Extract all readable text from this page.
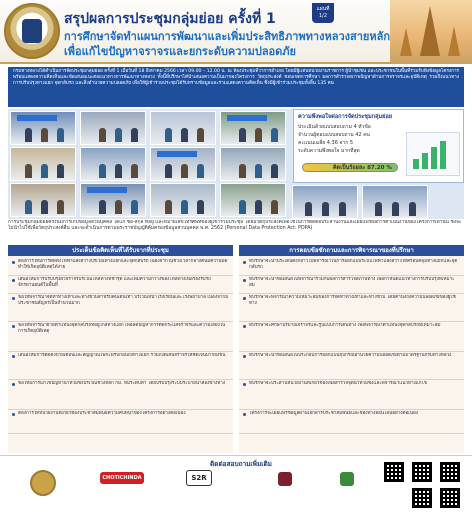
สรุปผลการประชุมกลุ่มย่อย ครั้งที่ 1
การศึกษาจัดทำแผนการพัฒนาและเพิ่มประสิทธิภาพทางหลวงสายหลัก
เพื่อแก้ไขปัญหาจราจรและยกระดับความปลอดภัย
แผ่นที่ 1/2
กรมทางหลวงได้ดำเนินการจัดประชุมกลุ่มย่อย ครั้งที่ 1 เมื่อวันที่ 18 สิงหาคม 2566 เวลา 09.00 – 12.00 น. ณ ห้องประชุมที่ว่าการอำเภอ โดยมีผู้แทนหน่วยงานราชการ ผู้นำชุมชน และประชาชนในพื้นที่ร่วมรับฟังข้อมูลโครงการ พร้อมแสดงความคิดเห็นและข้อเสนอแนะต่อแนวทางการพัฒนาทางหลวง ทั้งนี้ที่ปรึกษาได้นำเสนอความเป็นมาของโครงการ วัตถุประสงค์ ขอบเขตการศึกษา ผลการสำรวจสภาพปัญหาด้านการจราจรและอุบัติเหตุ รวมถึงแนวทางการปรับปรุงทางแยก จุดกลับรถ และสิ่งอำนวยความปลอดภัย เพื่อให้ผู้เข้าร่วมประชุมได้รับทราบข้อมูลและร่วมแสดงความคิดเห็น ซึ่งมีผู้เข้าร่วมประชุมทั้งสิ้น 135 คน
ความพึงพอใจต่อการจัดประชุมกลุ่มย่อย
ประเมินด้วยแบบสอบถาม 4 หัวข้อ
จำนวนผู้ตอบแบบสอบถาม 42 คน
คะแนนเฉลี่ย 4.36 จาก 5
ระดับความพึงพอใจ มากที่สุด
คิดเป็นร้อยละ 87.20 %
การประชุมกลุ่มย่อยครั้งนี้มีการเก็บข้อมูลส่วนบุคคล ได้แก่ ชื่อ-สกุล ที่อยู่ และหมายเลขโทรศัพท์ของผู้เข้าร่วมประชุม โดยมีวัตถุประสงค์เพื่อใช้ในการติดต่อประสานงานและเผยแพร่ผลการดำเนินงานของโครงการเท่านั้น ซึ่งจะไม่นำไปใช้เพื่อวัตถุประสงค์อื่น และจะดำเนินการตามพระราชบัญญัติคุ้มครองข้อมูลส่วนบุคคล พ.ศ. 2562 (Personal Data Protection Act: PDPA)
ประเด็นข้อคิดเห็นที่ได้รับจากที่ประชุม
ต้องการให้มีการติดตั้งไฟฟ้าแสงสว่างบริเวณทางแยกและจุดกลับรถ เนื่องจากในช่วงเวลากลางคืนมีความมืด ทำให้เกิดอุบัติเหตุได้ง่าย
เสนอให้มีการปรับปรุงผิวจราจรบริเวณไหล่ทางที่ชำรุด และเพิ่มความกว้างของไหล่ทางเพื่อรองรับรถจักรยานยนต์ในพื้นที่
ขอให้พิจารณาจัดทำทางเท้าและทางข้ามสำหรับคนเดินเท้า บริเวณหน้าโรงเรียนและโรงพยาบาล เนื่องจากมีประชาชนสัญจรเป็นจำนวนมาก
ขอให้พิจารณาย้ายตำแหน่งจุดกลับรถที่อยู่ใกล้ทางแยก เพื่อลดปัญหาการตัดกระแสจราจรและความเสี่ยงในการเกิดอุบัติเหตุ
เสนอให้มีการติดตั้งป้ายเตือนและสัญญาณไฟกะพริบก่อนถึงทางแยก รวมถึงตีเส้นจราจรให้ชัดเจนมากยิ่งขึ้น
ขอให้มีการแก้ไขปัญหาน้ำท่วมขังบริเวณช่วงหลัก กม. ที่มีระดับต่ำ โดยปรับปรุงระบบระบายน้ำสองข้างทาง
ต้องการให้หน่วยงานที่เกี่ยวข้องประชาสัมพันธ์ความคืบหน้าของโครงการอย่างต่อเนื่อง
การตอบข้อซักถามและการพิจารณาของที่ปรึกษา
ที่ปรึกษาจะนำประเด็นดังกล่าวไปพิจารณาในการออกแบบระบบไฟฟ้าแสงสว่างให้ครอบคลุมทางแยกและจุดกลับรถ
ที่ปรึกษาจะนำข้อเสนอไปพิจารณาร่วมกับผลการสำรวจสภาพทาง เพื่อกำหนดแนวทางการปรับปรุงที่เหมาะสม
ที่ปรึกษาจะพิจารณาความเหมาะสมของการจัดทำทางเท้าและทางข้าม โดยคำนึงถึงความปลอดภัยของผู้ใช้ทาง
ที่ปรึกษาจะศึกษาปริมาณจราจรและรูปแบบการเดินทาง เพื่อพิจารณาตำแหน่งจุดกลับรถที่เหมาะสม
ที่ปรึกษาจะนำข้อเสนอไปประกอบการออกแบบอุปกรณ์อำนวยความปลอดภัยตามมาตรฐานกรมทางหลวง
ที่ปรึกษาจะประสานหน่วยงานที่เกี่ยวข้องเพื่อสำรวจจุดน้ำท่วมขังและพิจารณาแนวทางแก้ไข
โครงการจะเผยแพร่ข้อมูลผ่านเอกสารประชาสัมพันธ์และช่องทางออนไลน์อย่างต่อเนื่อง
ติดต่อสอบถามเพิ่มเติม
CHOTICHINDA	S2R
